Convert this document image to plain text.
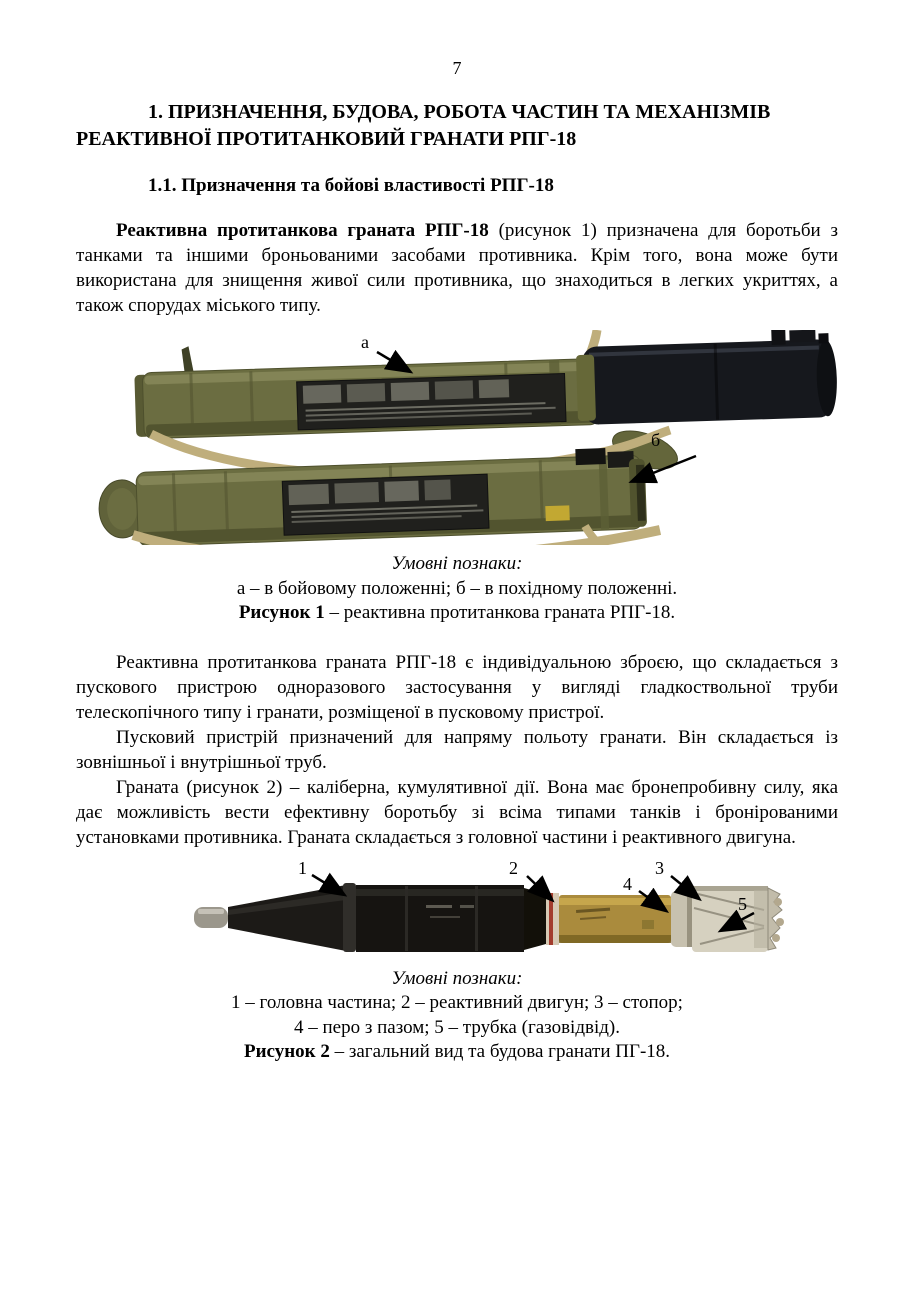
7
1. ПРИЗНАЧЕННЯ, БУДОВА, РОБОТА ЧАСТИН ТА МЕХАНІЗМІВ
РЕАКТИВНОЇ ПРОТИТАНКОВИЙ ГРАНАТИ РПГ-18
1.1. Призначення та бойові властивості РПГ-18

Реактивна протитанкова граната РПГ-18 (рисунок 1) призначена для боротьби з танками та іншими броньованими засобами противника. Крім того, вона може бути використана для знищення живої сили противника, що знаходиться в легких укриттях, а також спорудах міського типу.

а
б
Умовні познаки:
а – в бойовому положенні; б – в похідному положенні.
Рисунок 1 – реактивна протитанкова граната РПГ-18.

Реактивна протитанкова граната РПГ-18 є індивідуальною зброєю, що складається з пускового пристрою одноразового застосування у вигляді гладкоствольної труби телескопічного типу і гранати, розміщеної в пусковому пристрої.

Пусковий пристрій призначений для напряму польоту гранати. Він складається із зовнішньої і внутрішньої труб.

Граната (рисунок 2) – каліберна, кумулятивної дії. Вона має бронепробивну силу, яка дає можливість вести ефективну боротьбу зі всіма типами танків і бронірованими установками противника. Граната складається з головної частини і реактивного двигуна.

1	2
4
3
5
Умовні познаки:
1 – головна частина; 2 – реактивний двигун; 3 – стопор;
4 – перо з пазом; 5 – трубка (газовідвід).
Рисунок 2 – загальний вид та будова гранати ПГ-18.
